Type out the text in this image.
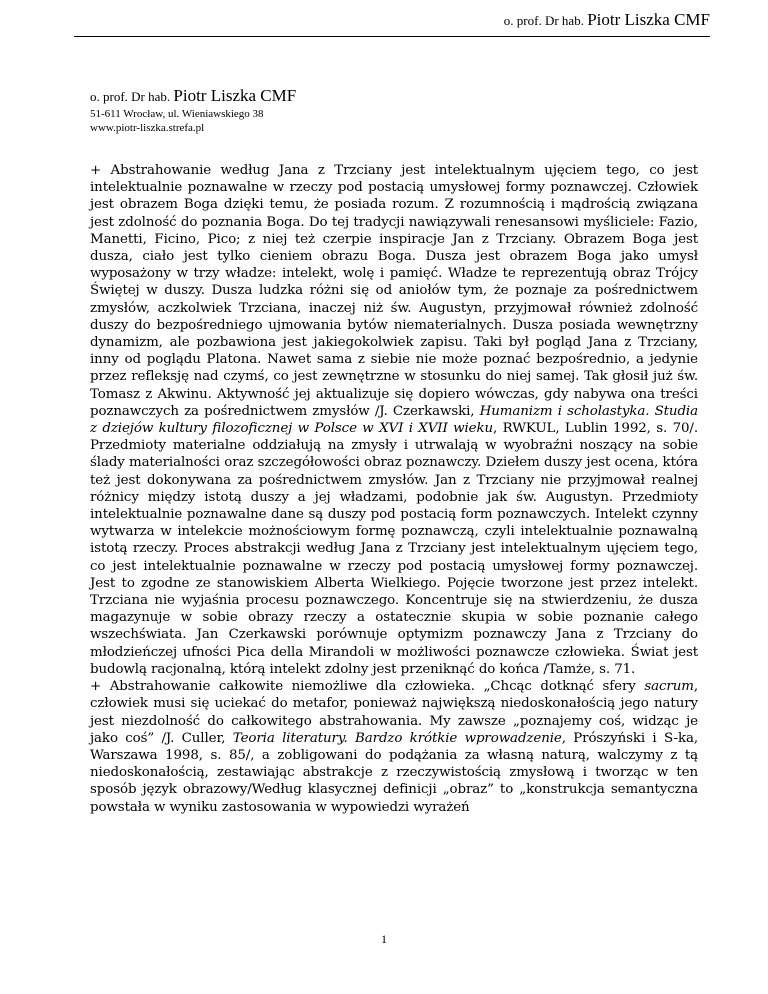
o. prof. Dr hab. Piotr Liszka CMF
o. prof. Dr hab. Piotr Liszka CMF
51-611 Wrocław, ul. Wieniawskiego 38
www.piotr-liszka.strefa.pl

+ Abstrahowanie według Jana z Trzciany jest intelektualnym ujęciem tego, co jest intelektualnie poznawalne w rzeczy pod postacią umysłowej formy poznawczej. Człowiek jest obrazem Boga dzięki temu, że posiada rozum. Z rozumnością i mądrością związana jest zdolność do poznania Boga. Do tej tradycji nawiązywali renesansowi myśliciele: Fazio, Manetti, Ficino, Pico; z niej też czerpie inspiracje Jan z Trzciany. Obrazem Boga jest dusza, ciało jest tylko cieniem obrazu Boga. Dusza jest obrazem Boga jako umysł wyposażony w trzy władze: intelekt, wolę i pamięć. Władze te reprezentują obraz Trójcy Świętej w duszy. Dusza ludzka różni się od aniołów tym, że poznaje za pośrednictwem zmysłów, aczkolwiek Trzciana, inaczej niż św. Augustyn, przyjmował również zdolność duszy do bezpośredniego ujmowania bytów niematerialnych. Dusza posiada wewnętrzny dynamizm, ale pozbawiona jest jakiegokolwiek zapisu. Taki był pogląd Jana z Trzciany, inny od poglądu Platona. Nawet sama z siebie nie może poznać bezpośrednio, a jedynie przez refleksję nad czymś, co jest zewnętrzne w stosunku do niej samej. Tak głosił już św. Tomasz z Akwinu. Aktywność jej aktualizuje się dopiero wówczas, gdy nabywa ona treści poznawczych za pośrednictwem zmysłów /J. Czerkawski, Humanizm i scholastyka. Studia z dziejów kultury filozoficznej w Polsce w XVI i XVII wieku, RWKUL, Lublin 1992, s. 70/. Przedmioty materialne oddziałują na zmysły i utrwalają w wyobraźni noszący na sobie ślady materialności oraz szczegółowości obraz poznawczy. Dziełem duszy jest ocena, która też jest dokonywana za pośrednictwem zmysłów. Jan z Trzciany nie przyjmował realnej różnicy między istotą duszy a jej władzami, podobnie jak św. Augustyn. Przedmioty intelektualnie poznawalne dane są duszy pod postacią form poznawczych. Intelekt czynny wytwarza w intelekcie możnościowym formę poznawczą, czyli intelektualnie poznawalną istotą rzeczy. Proces abstrakcji według Jana z Trzciany jest intelektualnym ujęciem tego, co jest intelektualnie poznawalne w rzeczy pod postacią umysłowej formy poznawczej. Jest to zgodne ze stanowiskiem Alberta Wielkiego. Pojęcie tworzone jest przez intelekt. Trzciana nie wyjaśnia procesu poznawczego. Koncentruje się na stwierdzeniu, że dusza magazynuje w sobie obrazy rzeczy a ostatecznie skupia w sobie poznanie całego wszechświata. Jan Czerkawski porównuje optymizm poznawczy Jana z Trzciany do młodzieńczej ufności Pica della Mirandoli w możliwości poznawcze człowieka. Świat jest budowlą racjonalną, którą intelekt zdolny jest przeniknąć do końca /Tamże, s. 71.

+ Abstrahowanie całkowite niemożliwe dla człowieka. „Chcąc dotknąć sfery sacrum, człowiek musi się uciekać do metafor, ponieważ największą niedoskonałością jego natury jest niezdolność do całkowitego abstrahowania. My zawsze „poznajemy coś, widząc je jako coś” /J. Culler, Teoria literatury. Bardzo krótkie wprowadzenie, Prószyński i S-ka, Warszawa 1998, s. 85/, a zobligowani do podążania za własną naturą, walczymy z tą niedoskonałością, zestawiając abstrakcje z rzeczywistością zmysłową i tworząc w ten sposób język obrazowy/Według klasycznej definicji „obraz” to „konstrukcja semantyczna powstała w wyniku zastosowania w wypowiedzi wyrażeń

1
